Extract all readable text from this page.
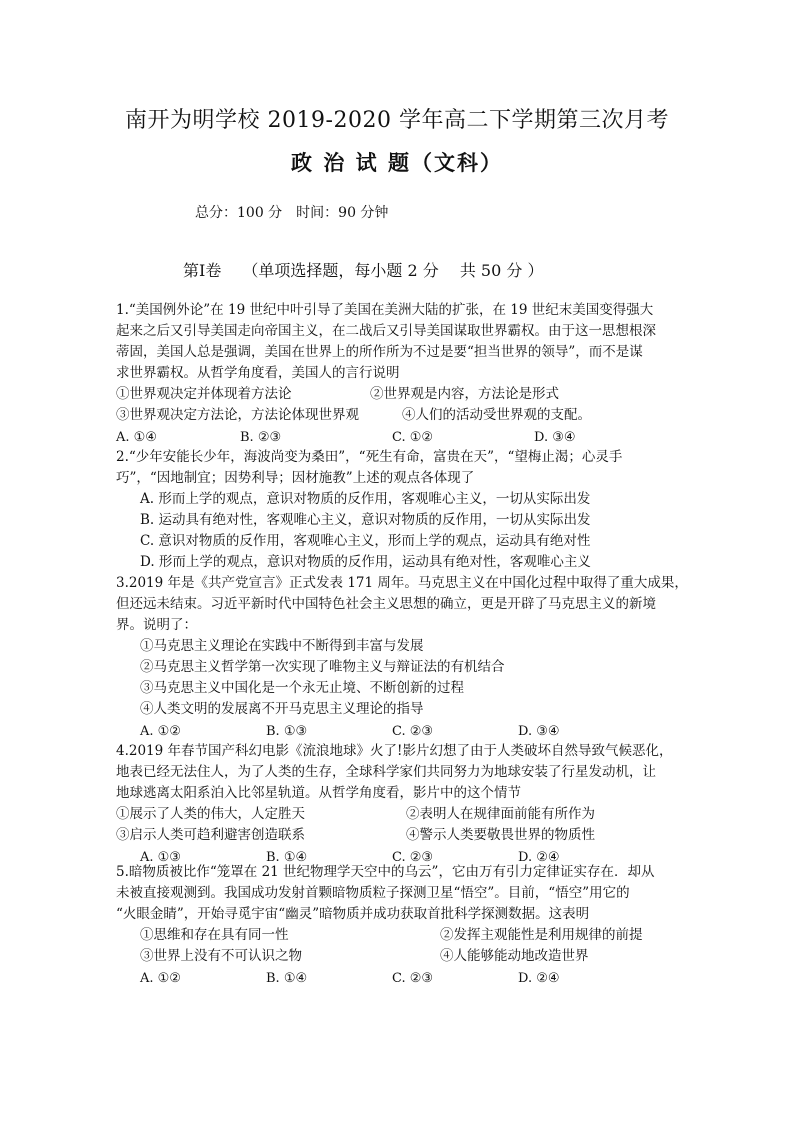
南开为明学校 2019-2020 学年高二下学期第三次月考
政 治 试 题（文科）
总分：100 分　时间：90 分钟
第Ⅰ卷　 （单项选择题，每小题 2 分　 共 50 分 ）
1.“美国例外论”在 19 世纪中叶引导了美国在美洲大陆的扩张，在 19 世纪末美国变得强大
起来之后又引导美国走向帝国主义，在二战后又引导美国谋取世界霸权。由于这一思想根深
蒂固，美国人总是强调，美国在世界上的所作所为不过是要“担当世界的领导”，而不是谋
求世界霸权。从哲学角度看，美国人的言行说明
①世界观决定并体现着方法论	②世界观是内容，方法论是形式
③世界观决定方法论，方法论体现世界观	④人们的活动受世界观的支配。
A. ①④	B. ②③	C. ①②	D. ③④
2.“少年安能长少年，海波尚变为桑田”，“死生有命，富贵在天”，“望梅止渴；心灵手
巧”，“因地制宜；因势利导；因材施教”上述的观点各体现了
A. 形而上学的观点，意识对物质的反作用，客观唯心主义，一切从实际出发
B. 运动具有绝对性，客观唯心主义，意识对物质的反作用，一切从实际出发
C. 意识对物质的反作用，客观唯心主义，形而上学的观点，运动具有绝对性
D. 形而上学的观点，意识对物质的反作用，运动具有绝对性，客观唯心主义
3.2019 年是《共产党宣言》正式发表 171 周年。马克思主义在中国化过程中取得了重大成果，
但还远未结束。习近平新时代中国特色社会主义思想的确立，更是开辟了马克思主义的新境
界。说明了：
①马克思主义理论在实践中不断得到丰富与发展
②马克思主义哲学第一次实现了唯物主义与辩证法的有机结合
③马克思主义中国化是一个永无止境、不断创新的过程
④人类文明的发展离不开马克思主义理论的指导
A. ①②	B. ①③	C. ②③	D. ③④
4.2019 年春节国产科幻电影《流浪地球》火了!影片幻想了由于人类破坏自然导致气候恶化，
地表已经无法住人，为了人类的生存，全球科学家们共同努力为地球安装了行星发动机，让
地球逃离太阳系泊入比邻星轨道。从哲学角度看，影片中的这个情节
①展示了人类的伟大，人定胜天	②表明人在规律面前能有所作为
③启示人类可趋利避害创造联系	④警示人类要敬畏世界的物质性
A. ①③	B. ①④	C. ②③	D. ②④
5.暗物质被比作“笼罩在 21 世纪物理学天空中的乌云”，它由万有引力定律证实存在．却从
未被直接观测到。我国成功发射首颗暗物质粒子探测卫星“悟空”。目前，“悟空”用它的
“火眼金睛”，开始寻觅宇宙“幽灵”暗物质并成功获取首批科学探测数据。这表明
①思维和存在具有同一性	②发挥主观能性是利用规律的前提
③世界上没有不可认识之物	④人能够能动地改造世界
A. ①②	B. ①④	C. ②③	D. ②④
